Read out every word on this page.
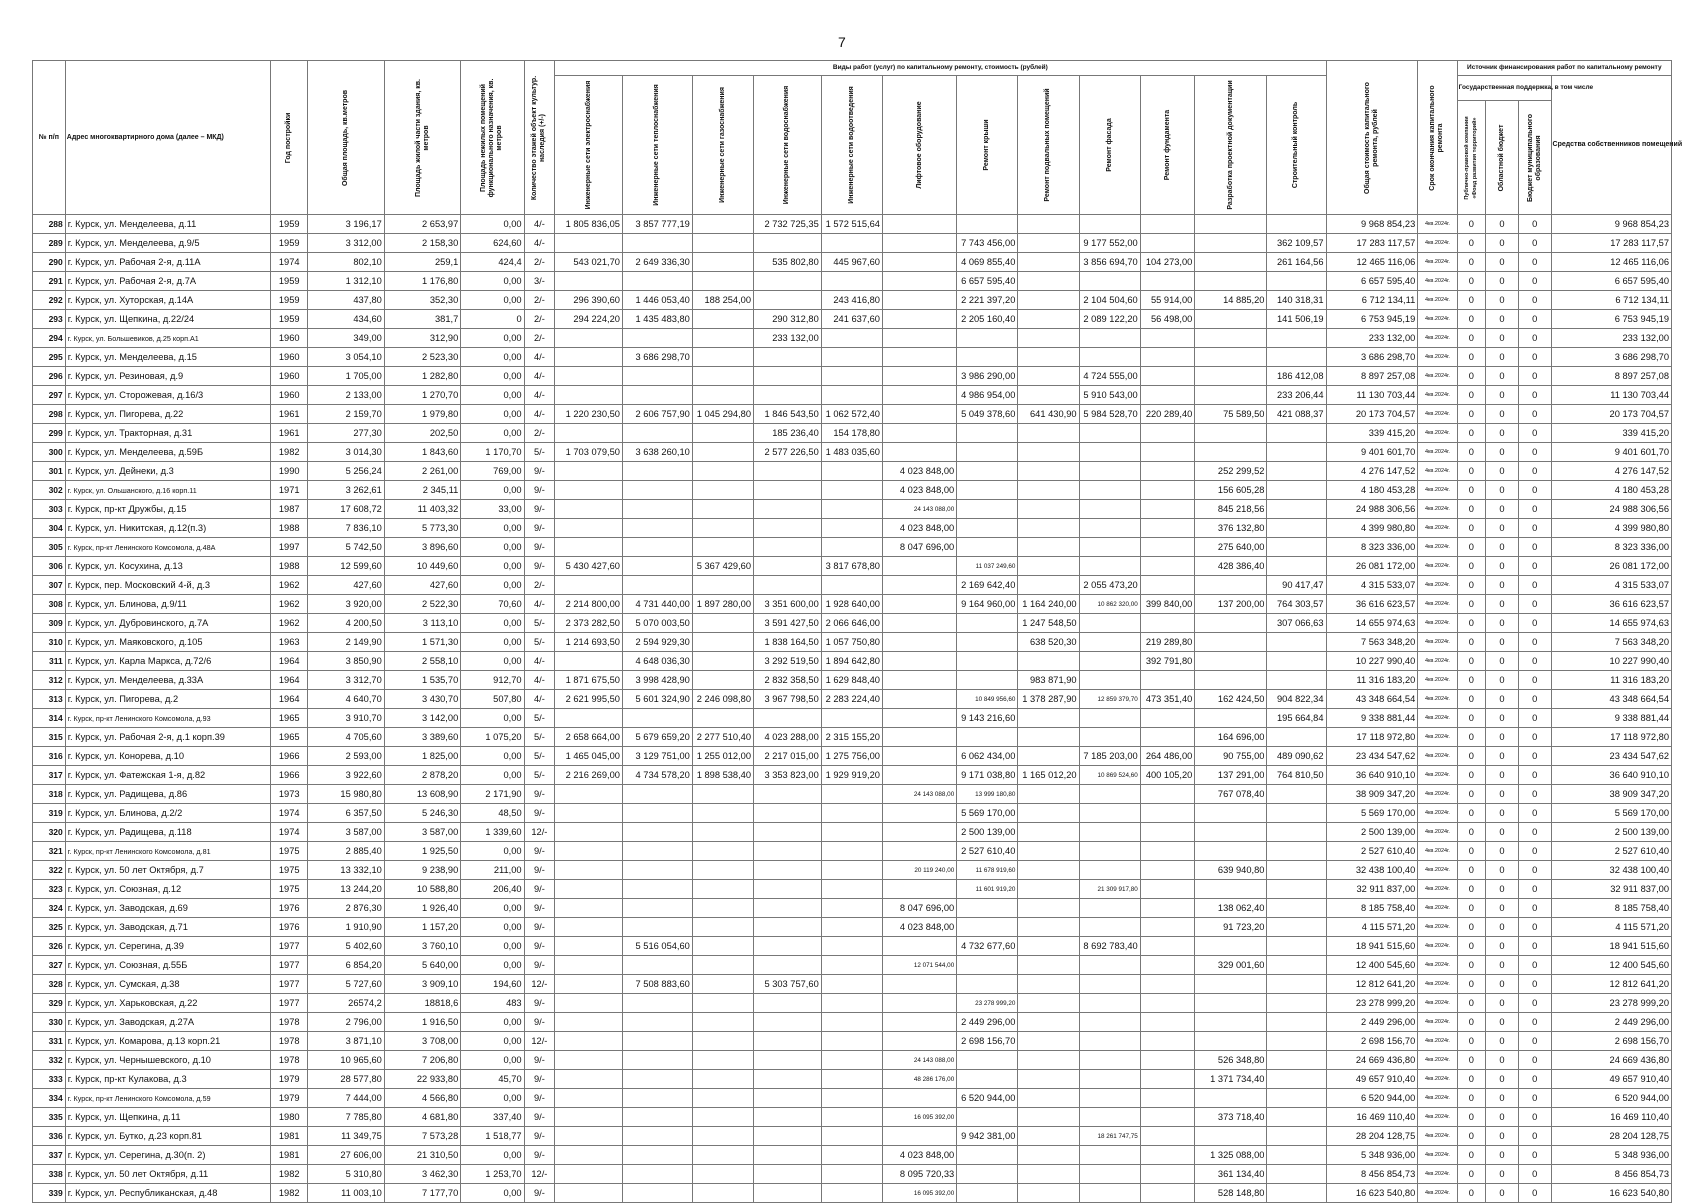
7
№ п/п	Адрес многоквартирного дома (далее – МКД)	Год постройки	Общая площадь, кв.метров	Площадь жилой части здания, кв. метров	Площадь нежилых помещений функционального назначения, кв. метров	Количество этажей объект культур. наследия (+/-)	Виды работ (услуг) по капитальному ремонту, стоимость (рублей)												Общая стоимость капитального ремонта, рублей	Срок окончания капитального ремонта	Источник финансирования работ по капитальному ремонту			

							Инженерные сети электроснабжения	Инженерные сети теплоснабжения	Инженерные сети газоснабжения	Инженерные сети водоснабжения	Инженерные сети водоотведения	Лифтовое оборудование	Ремонт крыши	Ремонт подвальных помещений	Ремонт фасада	Ремонт фундамента	Разработка проектной документации	Строительный контроль			Государственная поддержка, в том числе			Средства собственников помещений

																					Публично-правовой компании «Фонд развития территорий»	Областной бюджет	Бюджет муниципального образования	

288	г. Курск, ул. Менделеева, д.11	1959	3 196,17	2 653,97	0,00	4/-	1 805 836,05	3 857 777,19		2 732 725,35	1 572 515,64								9 968 854,23	4кв.2024г.	0	0	0	9 968 854,23
289	г. Курск, ул. Менделеева, д.9/5	1959	3 312,00	2 158,30	624,60	4/-							7 743 456,00		9 177 552,00			362 109,57	17 283 117,57	4кв.2024г.	0	0	0	17 283 117,57
290	г. Курск, ул. Рабочая 2-я, д.11А	1974	802,10	259,1	424,4	2/-	543 021,70	2 649 336,30		535 802,80	445 967,60		4 069 855,40		3 856 694,70	104 273,00		261 164,56	12 465 116,06	4кв.2024г.	0	0	0	12 465 116,06
291	г. Курск, ул. Рабочая 2-я, д.7А	1959	1 312,10	1 176,80	0,00	3/-							6 657 595,40						6 657 595,40	4кв.2024г.	0	0	0	6 657 595,40
292	г. Курск, ул. Хуторская, д.14А	1959	437,80	352,30	0,00	2/-	296 390,60	1 446 053,40	188 254,00		243 416,80		2 221 397,20		2 104 504,60	55 914,00	14 885,20	140 318,31	6 712 134,11	4кв.2024г.	0	0	0	6 712 134,11
293	г. Курск, ул. Щепкина, д.22/24	1959	434,60	381,7	0	2/-	294 224,20	1 435 483,80		290 312,80	241 637,60		2 205 160,40		2 089 122,20	56 498,00		141 506,19	6 753 945,19	4кв.2024г.	0	0	0	6 753 945,19
294	г. Курск, ул. Большевиков, д.25 корп.А1	1960	349,00	312,90	0,00	2/-				233 132,00									233 132,00	4кв.2024г.	0	0	0	233 132,00
295	г. Курск, ул. Менделеева, д.15	1960	3 054,10	2 523,30	0,00	4/-		3 686 298,70											3 686 298,70	4кв.2024г.	0	0	0	3 686 298,70
296	г. Курск, ул. Резиновая, д.9	1960	1 705,00	1 282,80	0,00	4/-							3 986 290,00		4 724 555,00			186 412,08	8 897 257,08	4кв.2024г.	0	0	0	8 897 257,08
297	г. Курск, ул. Сторожевая, д.16/3	1960	2 133,00	1 270,70	0,00	4/-							4 986 954,00		5 910 543,00			233 206,44	11 130 703,44	4кв.2024г.	0	0	0	11 130 703,44
298	г. Курск, ул. Пигорева, д.22	1961	2 159,70	1 979,80	0,00	4/-	1 220 230,50	2 606 757,90	1 045 294,80	1 846 543,50	1 062 572,40		5 049 378,60	641 430,90	5 984 528,70	220 289,40	75 589,50	421 088,37	20 173 704,57	4кв.2024г.	0	0	0	20 173 704,57
299	г. Курск, ул. Тракторная, д.31	1961	277,30	202,50	0,00	2/-				185 236,40	154 178,80								339 415,20	4кв.2024г.	0	0	0	339 415,20
300	г. Курск, ул. Менделеева, д.59Б	1982	3 014,30	1 843,60	1 170,70	5/-	1 703 079,50	3 638 260,10		2 577 226,50	1 483 035,60								9 401 601,70	4кв.2024г.	0	0	0	9 401 601,70
301	г. Курск, ул. Дейнеки, д.3	1990	5 256,24	2 261,00	769,00	9/-						4 023 848,00					252 299,52		4 276 147,52	4кв.2024г.	0	0	0	4 276 147,52
302	г. Курск, ул. Ольшанского, д.16 корп.11	1971	3 262,61	2 345,11	0,00	9/-						4 023 848,00					156 605,28		4 180 453,28	4кв.2024г.	0	0	0	4 180 453,28
303	г. Курск, пр-кт Дружбы, д.15	1987	17 608,72	11 403,32	33,00	9/-						24 143 088,00					845 218,56		24 988 306,56	4кв.2024г.	0	0	0	24 988 306,56
304	г. Курск, ул. Никитская, д.12(п.3)	1988	7 836,10	5 773,30	0,00	9/-						4 023 848,00					376 132,80		4 399 980,80	4кв.2024г.	0	0	0	4 399 980,80
305	г. Курск, пр-кт Ленинского Комсомола, д.48А	1997	5 742,50	3 896,60	0,00	9/-						8 047 696,00					275 640,00		8 323 336,00	4кв.2024г.	0	0	0	8 323 336,00
306	г. Курск, ул. Косухина, д.13	1988	12 599,60	10 449,60	0,00	9/-	5 430 427,60		5 367 429,60		3 817 678,80		11 037 249,60				428 386,40		26 081 172,00	4кв.2024г.	0	0	0	26 081 172,00
307	г. Курск, пер. Московский 4-й, д.3	1962	427,60	427,60	0,00	2/-							2 169 642,40		2 055 473,20			90 417,47	4 315 533,07	4кв.2024г.	0	0	0	4 315 533,07
308	г. Курск, ул. Блинова, д.9/11	1962	3 920,00	2 522,30	70,60	4/-	2 214 800,00	4 731 440,00	1 897 280,00	3 351 600,00	1 928 640,00		9 164 960,00	1 164 240,00	10 862 320,00	399 840,00	137 200,00	764 303,57	36 616 623,57	4кв.2024г.	0	0	0	36 616 623,57
309	г. Курск, ул. Дубровинского, д.7А	1962	4 200,50	3 113,10	0,00	5/-	2 373 282,50	5 070 003,50		3 591 427,50	2 066 646,00			1 247 548,50				307 066,63	14 655 974,63	4кв.2024г.	0	0	0	14 655 974,63
310	г. Курск, ул. Маяковского, д.105	1963	2 149,90	1 571,30	0,00	5/-	1 214 693,50	2 594 929,30		1 838 164,50	1 057 750,80			638 520,30		219 289,80			7 563 348,20	4кв.2024г.	0	0	0	7 563 348,20
311	г. Курск, ул. Карла Маркса, д.72/6	1964	3 850,90	2 558,10	0,00	4/-		4 648 036,30		3 292 519,50	1 894 642,80					392 791,80			10 227 990,40	4кв.2024г.	0	0	0	10 227 990,40
312	г. Курск, ул. Менделеева, д.33А	1964	3 312,70	1 535,70	912,70	4/-	1 871 675,50	3 998 428,90		2 832 358,50	1 629 848,40			983 871,90					11 316 183,20	4кв.2024г.	0	0	0	11 316 183,20
313	г. Курск, ул. Пигорева, д.2	1964	4 640,70	3 430,70	507,80	4/-	2 621 995,50	5 601 324,90	2 246 098,80	3 967 798,50	2 283 224,40		10 849 956,60	1 378 287,90	12 859 379,70	473 351,40	162 424,50	904 822,34	43 348 664,54	4кв.2024г.	0	0	0	43 348 664,54
314	г. Курск, пр-кт Ленинского Комсомола, д.93	1965	3 910,70	3 142,00	0,00	5/-							9 143 216,60					195 664,84	9 338 881,44	4кв.2024г.	0	0	0	9 338 881,44
315	г. Курск, ул. Рабочая 2-я, д.1 корп.39	1965	4 705,60	3 389,60	1 075,20	5/-	2 658 664,00	5 679 659,20	2 277 510,40	4 023 288,00	2 315 155,20						164 696,00		17 118 972,80	4кв.2024г.	0	0	0	17 118 972,80
316	г. Курск, ул. Конорева, д.10	1966	2 593,00	1 825,00	0,00	5/-	1 465 045,00	3 129 751,00	1 255 012,00	2 217 015,00	1 275 756,00		6 062 434,00		7 185 203,00	264 486,00	90 755,00	489 090,62	23 434 547,62	4кв.2024г.	0	0	0	23 434 547,62
317	г. Курск, ул. Фатежская 1-я, д.82	1966	3 922,60	2 878,20	0,00	5/-	2 216 269,00	4 734 578,20	1 898 538,40	3 353 823,00	1 929 919,20		9 171 038,80	1 165 012,20	10 869 524,60	400 105,20	137 291,00	764 810,50	36 640 910,10	4кв.2024г.	0	0	0	36 640 910,10
318	г. Курск, ул. Радищева, д.86	1973	15 980,80	13 608,90	2 171,90	9/-						24 143 088,00	13 999 180,80				767 078,40		38 909 347,20	4кв.2024г.	0	0	0	38 909 347,20
319	г. Курск, ул. Блинова, д.2/2	1974	6 357,50	5 246,30	48,50	9/-							5 569 170,00						5 569 170,00	4кв.2024г.	0	0	0	5 569 170,00
320	г. Курск, ул. Радищева, д.118	1974	3 587,00	3 587,00	1 339,60	12/-							2 500 139,00						2 500 139,00	4кв.2024г.	0	0	0	2 500 139,00
321	г. Курск, пр-кт Ленинского Комсомола, д.81	1975	2 885,40	1 925,50	0,00	9/-							2 527 610,40						2 527 610,40	4кв.2024г.	0	0	0	2 527 610,40
322	г. Курск, ул. 50 лет Октября, д.7	1975	13 332,10	9 238,90	211,00	9/-						20 119 240,00	11 678 919,60				639 940,80		32 438 100,40	4кв.2024г.	0	0	0	32 438 100,40
323	г. Курск, ул. Союзная, д.12	1975	13 244,20	10 588,80	206,40	9/-							11 601 919,20		21 309 917,80				32 911 837,00	4кв.2024г.	0	0	0	32 911 837,00
324	г. Курск, ул. Заводская, д.69	1976	2 876,30	1 926,40	0,00	9/-						8 047 696,00					138 062,40		8 185 758,40	4кв.2024г.	0	0	0	8 185 758,40
325	г. Курск, ул. Заводская, д.71	1976	1 910,90	1 157,20	0,00	9/-						4 023 848,00					91 723,20		4 115 571,20	4кв.2024г.	0	0	0	4 115 571,20
326	г. Курск, ул. Серегина, д.39	1977	5 402,60	3 760,10	0,00	9/-		5 516 054,60					4 732 677,60		8 692 783,40				18 941 515,60	4кв.2024г.	0	0	0	18 941 515,60
327	г. Курск, ул. Союзная, д.55Б	1977	6 854,20	5 640,00	0,00	9/-						12 071 544,00					329 001,60		12 400 545,60	4кв.2024г.	0	0	0	12 400 545,60
328	г. Курск, ул. Сумская, д.38	1977	5 727,60	3 909,10	194,60	12/-		7 508 883,60		5 303 757,60									12 812 641,20	4кв.2024г.	0	0	0	12 812 641,20
329	г. Курск, ул. Харьковская, д.22	1977	26574,2	18818,6	483	9/-							23 278 999,20						23 278 999,20	4кв.2024г.	0	0	0	23 278 999,20
330	г. Курск, ул. Заводская, д.27А	1978	2 796,00	1 916,50	0,00	9/-							2 449 296,00						2 449 296,00	4кв.2024г.	0	0	0	2 449 296,00
331	г. Курск, ул. Комарова, д.13 корп.21	1978	3 871,10	3 708,00	0,00	12/-							2 698 156,70						2 698 156,70	4кв.2024г.	0	0	0	2 698 156,70
332	г. Курск, ул. Чернышевского, д.10	1978	10 965,60	7 206,80	0,00	9/-						24 143 088,00					526 348,80		24 669 436,80	4кв.2024г.	0	0	0	24 669 436,80
333	г. Курск, пр-кт Кулакова, д.3	1979	28 577,80	22 933,80	45,70	9/-						48 286 176,00					1 371 734,40		49 657 910,40	4кв.2024г.	0	0	0	49 657 910,40
334	г. Курск, пр-кт Ленинского Комсомола, д.59	1979	7 444,00	4 566,80	0,00	9/-							6 520 944,00						6 520 944,00	4кв.2024г.	0	0	0	6 520 944,00
335	г. Курск, ул. Щепкина, д.11	1980	7 785,80	4 681,80	337,40	9/-						16 095 392,00					373 718,40		16 469 110,40	4кв.2024г.	0	0	0	16 469 110,40
336	г. Курск, ул. Бутко, д.23 корп.81	1981	11 349,75	7 573,28	1 518,77	9/-							9 942 381,00		18 261 747,75				28 204 128,75	4кв.2024г.	0	0	0	28 204 128,75
337	г. Курск, ул. Серегина, д.30(п. 2)	1981	27 606,00	21 310,50	0,00	9/-						4 023 848,00					1 325 088,00		5 348 936,00	4кв.2024г.	0	0	0	5 348 936,00
338	г. Курск, ул. 50 лет Октября, д.11	1982	5 310,80	3 462,30	1 253,70	12/-						8 095 720,33					361 134,40		8 456 854,73	4кв.2024г.	0	0	0	8 456 854,73
339	г. Курск, ул. Республиканская, д.48	1982	11 003,10	7 177,70	0,00	9/-						16 095 392,00					528 148,80		16 623 540,80	4кв.2024г.	0	0	0	16 623 540,80
